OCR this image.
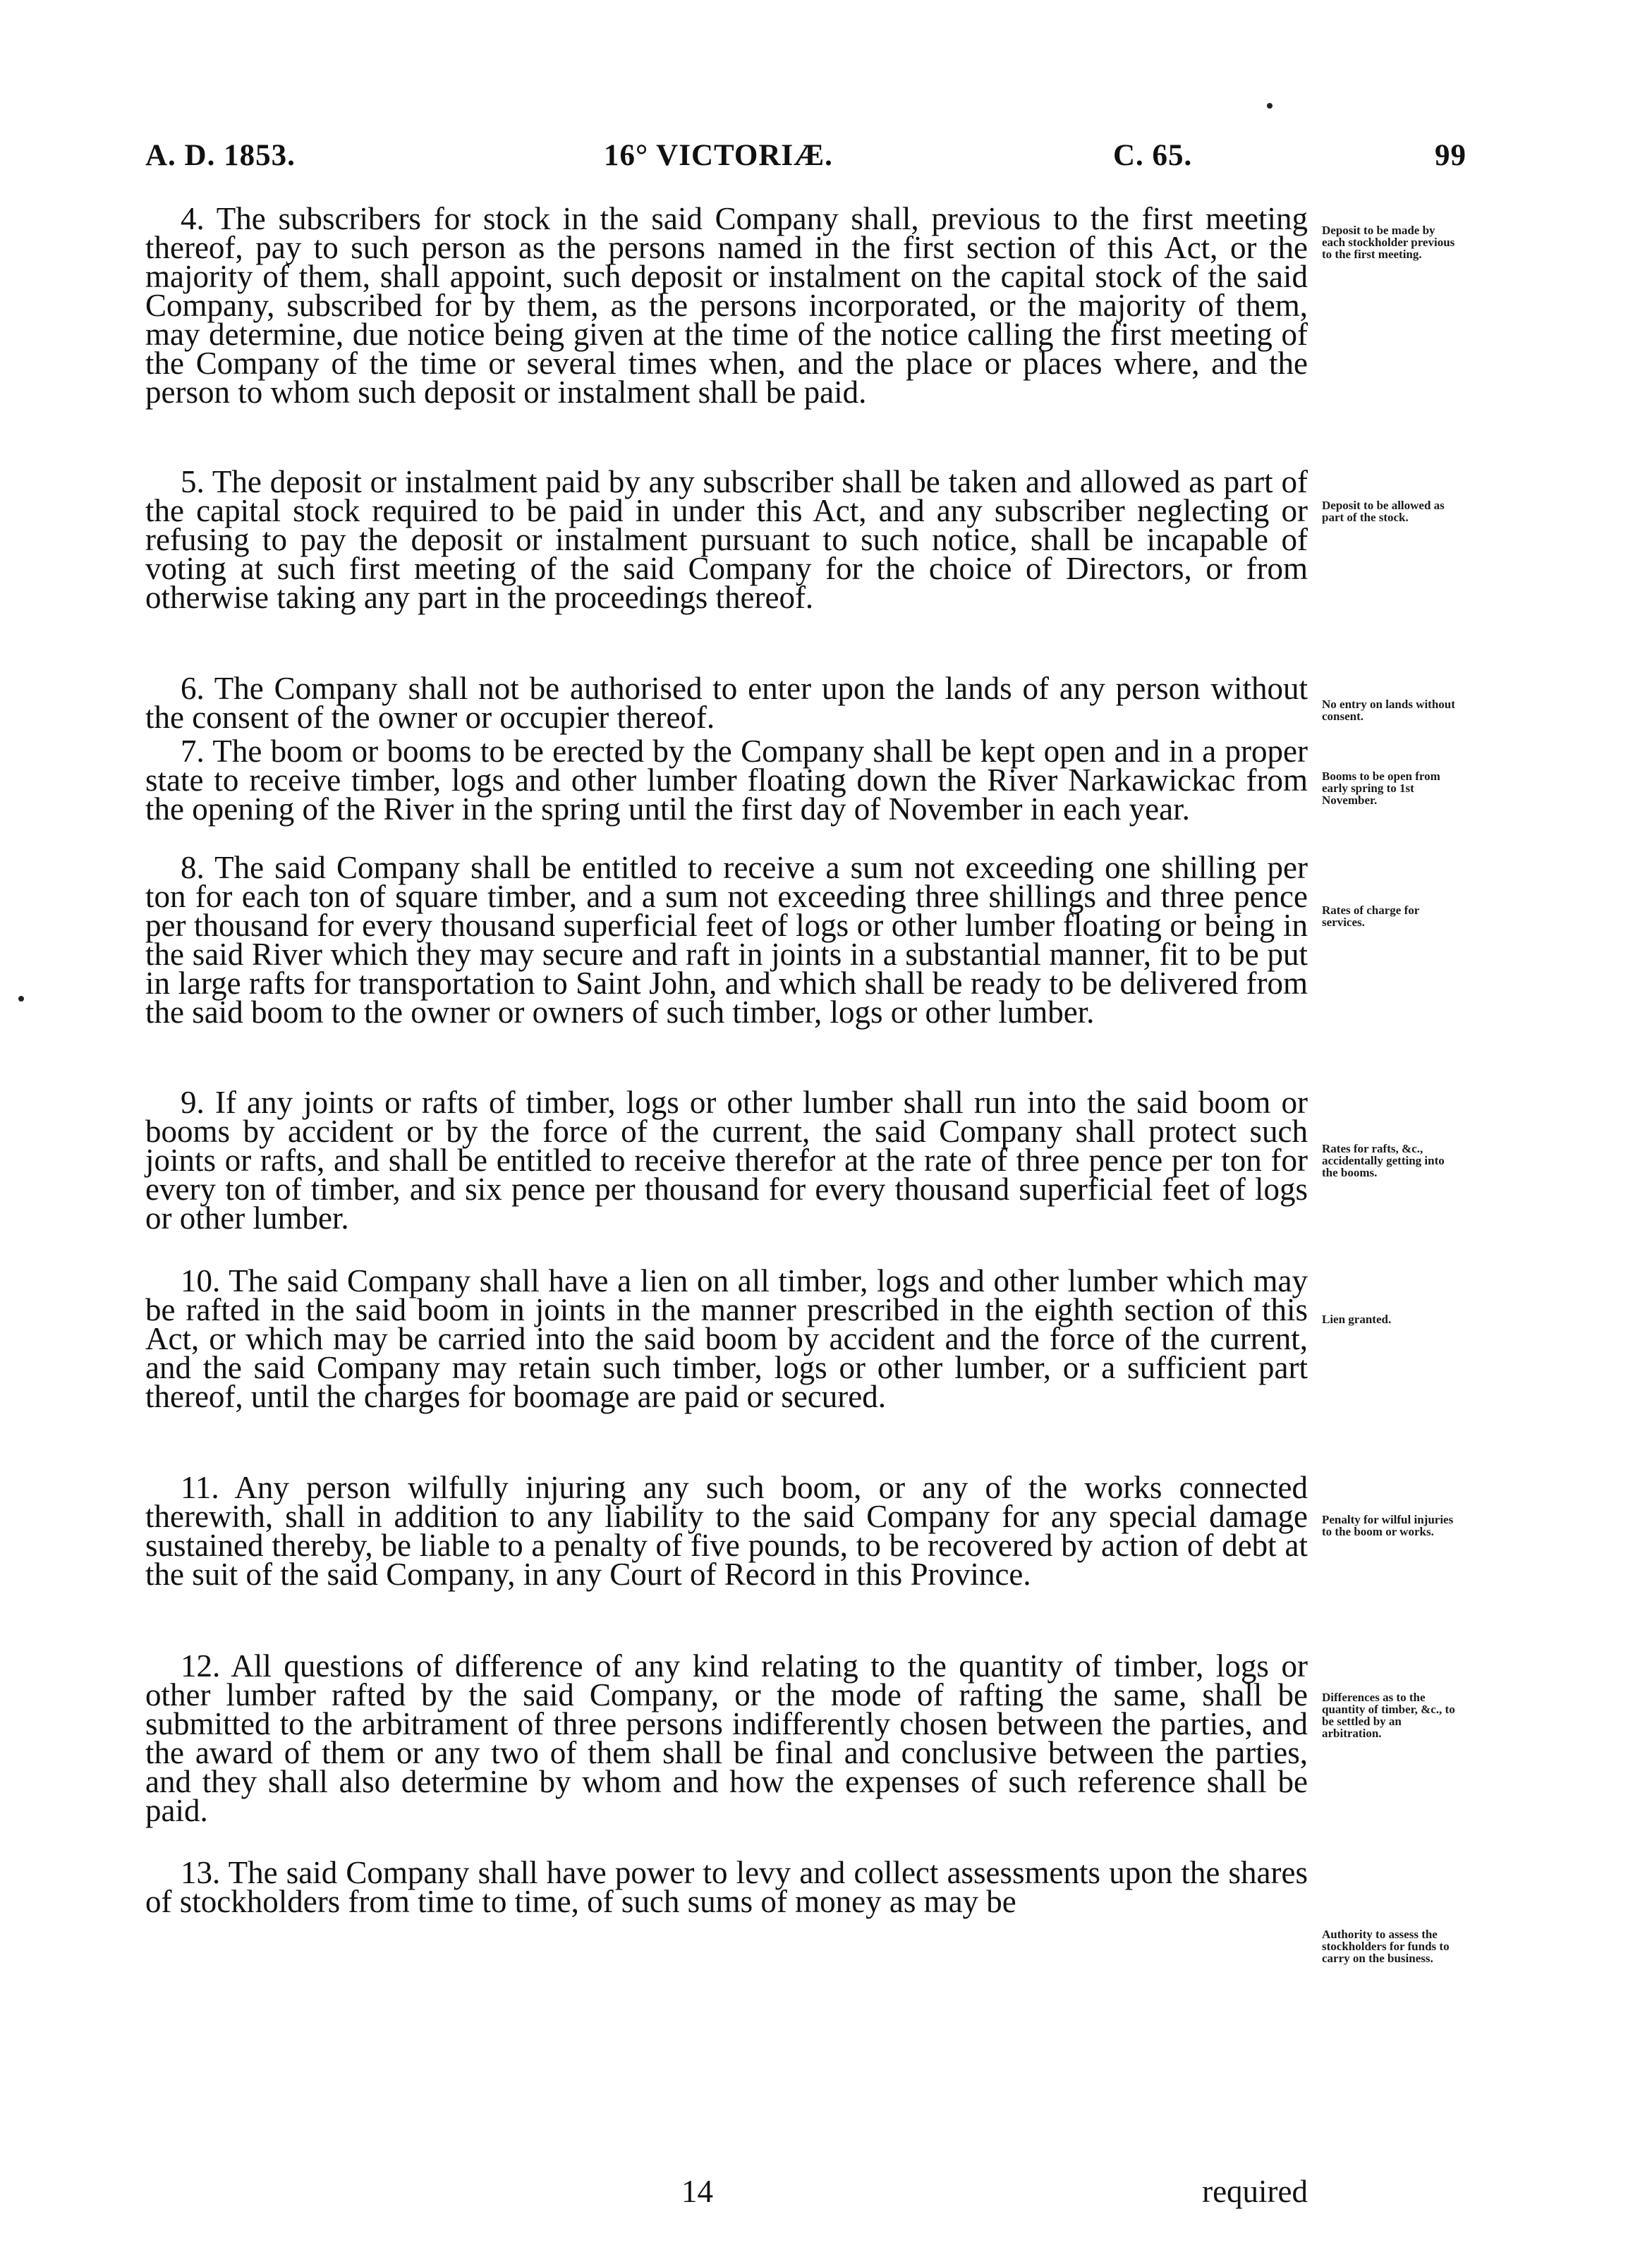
A. D. 1853.	16° VICTORIÆ.	C. 65.	99

4. The subscribers for stock in the said Company shall, previous to the first meeting thereof, pay to such person as the persons named in the first section of this Act, or the majority of them, shall appoint, such deposit or instalment on the capital stock of the said Company, subscribed for by them, as the persons incorporated, or the majority of them, may determine, due notice being given at the time of the notice calling the first meeting of the Company of the time or several times when, and the place or places where, and the person to whom such deposit or instalment shall be paid.

5. The deposit or instalment paid by any subscriber shall be taken and allowed as part of the capital stock required to be paid in under this Act, and any subscriber neglecting or refusing to pay the deposit or instalment pursuant to such notice, shall be incapable of voting at such first meeting of the said Company for the choice of Directors, or from otherwise taking any part in the proceedings thereof.

6. The Company shall not be authorised to enter upon the lands of any person without the consent of the owner or occupier thereof.

7. The boom or booms to be erected by the Company shall be kept open and in a proper state to receive timber, logs and other lumber floating down the River Narkawickac from the opening of the River in the spring until the first day of November in each year.

8. The said Company shall be entitled to receive a sum not exceeding one shilling per ton for each ton of square timber, and a sum not exceeding three shillings and three pence per thousand for every thousand superficial feet of logs or other lumber floating or being in the said River which they may secure and raft in joints in a substantial manner, fit to be put in large rafts for transportation to Saint John, and which shall be ready to be delivered from the said boom to the owner or owners of such timber, logs or other lumber.

9. If any joints or rafts of timber, logs or other lumber shall run into the said boom or booms by accident or by the force of the current, the said Company shall protect such joints or rafts, and shall be entitled to receive therefor at the rate of three pence per ton for every ton of timber, and six pence per thousand for every thousand superficial feet of logs or other lumber.

10. The said Company shall have a lien on all timber, logs and other lumber which may be rafted in the said boom in joints in the manner prescribed in the eighth section of this Act, or which may be carried into the said boom by accident and the force of the current, and the said Company may retain such timber, logs or other lumber, or a sufficient part thereof, until the charges for boomage are paid or secured.

11. Any person wilfully injuring any such boom, or any of the works connected therewith, shall in addition to any liability to the said Company for any special damage sustained thereby, be liable to a penalty of five pounds, to be recovered by action of debt at the suit of the said Company, in any Court of Record in this Province.

12. All questions of difference of any kind relating to the quantity of timber, logs or other lumber rafted by the said Company, or the mode of rafting the same, shall be submitted to the arbitrament of three persons indifferently chosen between the parties, and the award of them or any two of them shall be final and conclusive between the parties, and they shall also determine by whom and how the expenses of such reference shall be paid.

13. The said Company shall have power to levy and collect assessments upon the shares of stockholders from time to time, of such sums of money as may be

Deposit to be made by each stockholder previous to the first meeting.
Deposit to be allowed as part of the stock.
No entry on lands without consent.
Booms to be open from early spring to 1st November.
Rates of charge for services.
Rates for rafts, &c., accidentally getting into the booms.
Lien granted.
Penalty for wilful injuries to the boom or works.
Differences as to the quantity of timber, &c., to be settled by an arbitration.
Authority to assess the stockholders for funds to carry on the business.
14	required
